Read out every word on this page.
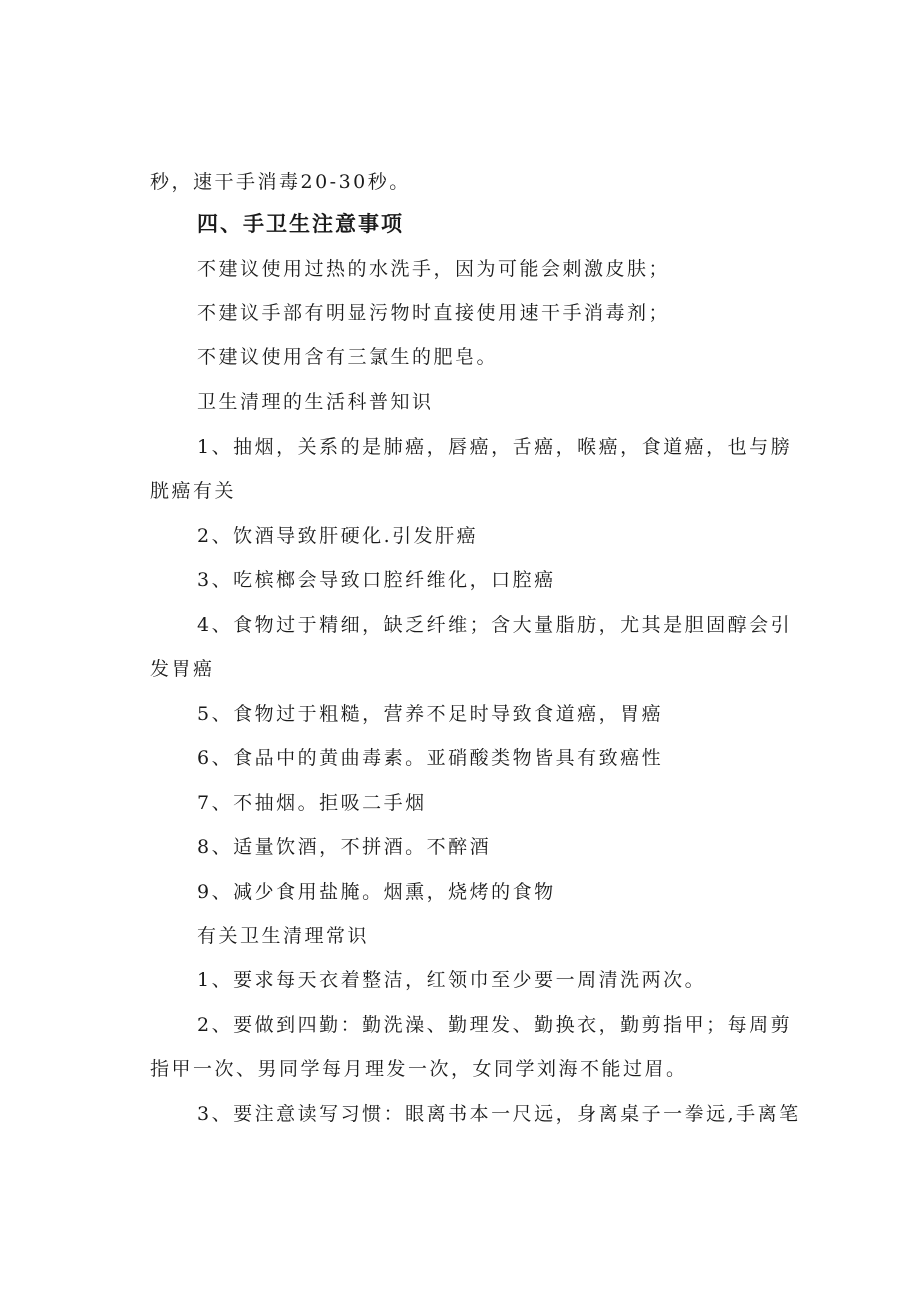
秒，速干手消毒20-30秒。
四、手卫生注意事项
不建议使用过热的水洗手，因为可能会刺激皮肤；
不建议手部有明显污物时直接使用速干手消毒剂；
不建议使用含有三氯生的肥皂。
卫生清理的生活科普知识
1、抽烟，关系的是肺癌，唇癌，舌癌，喉癌，食道癌，也与膀
胱癌有关
2、饮酒导致肝硬化.引发肝癌
3、吃槟榔会导致口腔纤维化，口腔癌
4、食物过于精细，缺乏纤维；含大量脂肪，尤其是胆固醇会引
发胃癌
5、食物过于粗糙，营养不足时导致食道癌，胃癌
6、食品中的黄曲毒素。亚硝酸类物皆具有致癌性
7、不抽烟。拒吸二手烟
8、适量饮酒，不拼酒。不醉酒
9、减少食用盐腌。烟熏，烧烤的食物
有关卫生清理常识
1、要求每天衣着整洁，红领巾至少要一周清洗两次。
2、要做到四勤：勤洗澡、勤理发、勤换衣，勤剪指甲；每周剪
指甲一次、男同学每月理发一次，女同学刘海不能过眉。
3、要注意读写习惯：眼离书本一尺远，身离桌子一拳远,手离笔
